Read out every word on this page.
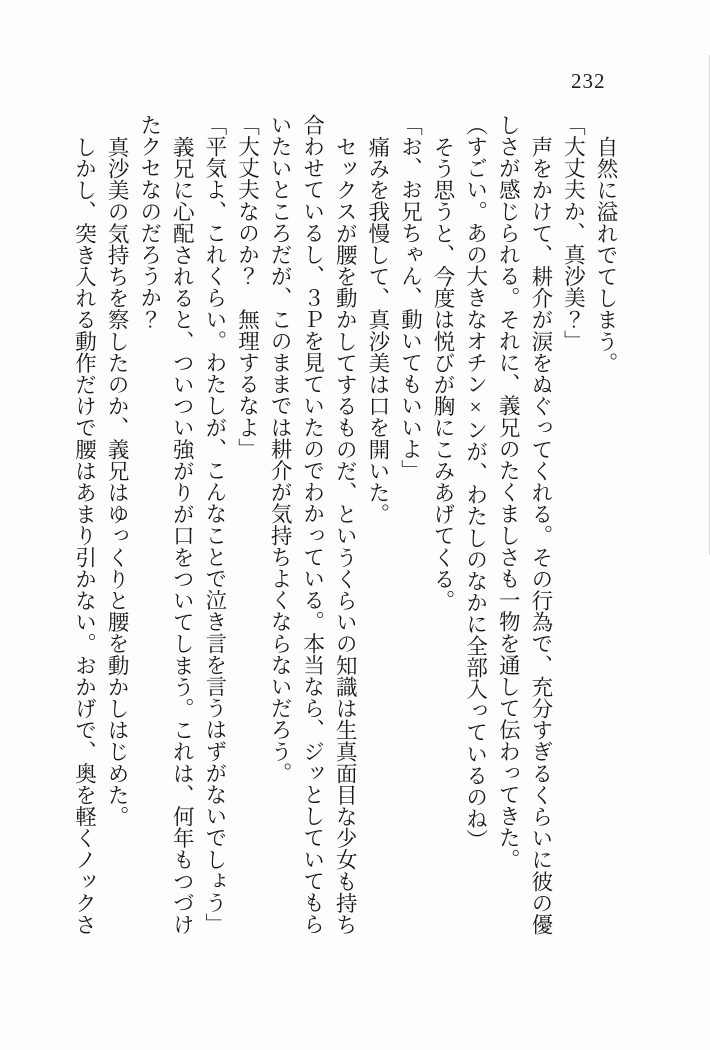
232

自然に溢れでてしまう。

「大丈夫か、真沙美？」

声をかけて、耕介が涙をぬぐってくれる。その行為で、充分すぎるくらいに彼の優しさが感じられる。それに、義兄のたくましさも一物を通して伝わってきた。

（すごい。あの大きなオチン×ンが、わたしのなかに全部入っているのね）

そう思うと、今度は悦びが胸にこみあげてくる。

「お、お兄ちゃん、動いてもいいよ」

痛みを我慢して、真沙美は口を開いた。

セックスが腰を動かしてするものだ、というくらいの知識は生真面目な少女も持ち合わせているし、３Ｐを見ていたのでわかっている。本当なら、ジッとしていてもらいたいところだが、このままでは耕介が気持ちよくならないだろう。

「大丈夫なのか？　無理するなよ」

「平気よ、これくらい。わたしが、こんなことで泣き言を言うはずがないでしょう」

義兄に心配されると、ついつい強がりが口をついてしまう。これは、何年もつづけたクセなのだろうか？

真沙美の気持ちを察したのか、義兄はゆっくりと腰を動かしはじめた。

しかし、突き入れる動作だけで腰はあまり引かない。おかげで、奥を軽くノックさ
